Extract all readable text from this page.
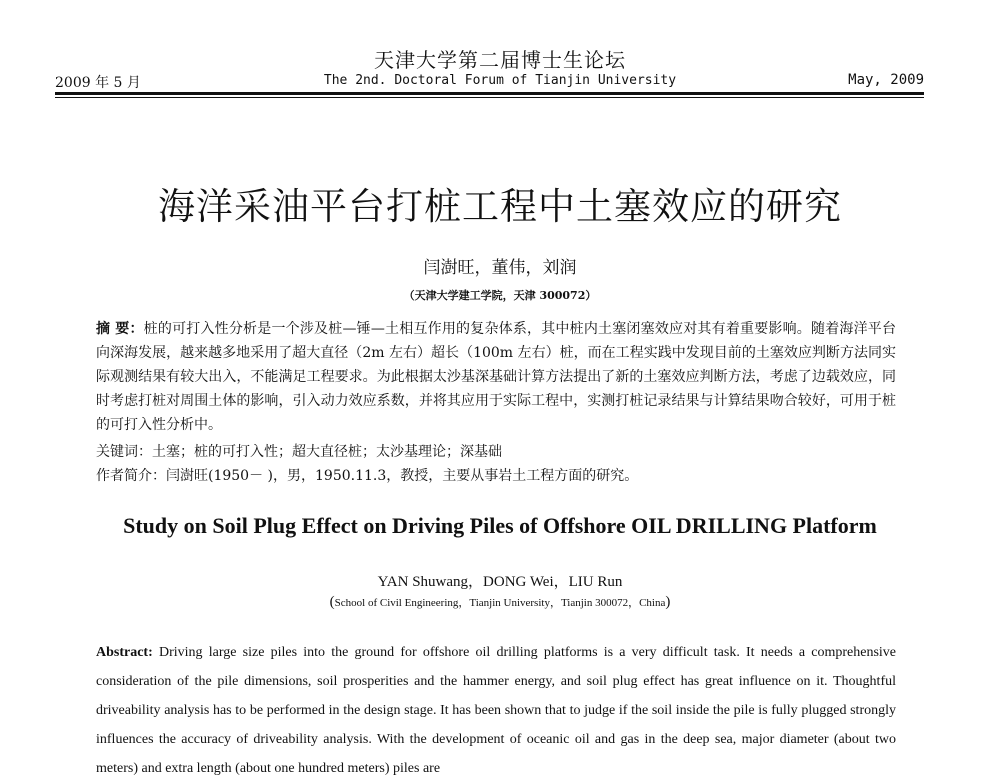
天津大学第二届博士生论坛
2009 年 5 月	The 2nd. Doctoral Forum of Tianjin University	May, 2009
海洋采油平台打桩工程中土塞效应的研究
闫澍旺，董伟，刘润
（天津大学建工学院，天津 300072）
摘 要：桩的可打入性分析是一个涉及桩—锤—土相互作用的复杂体系，其中桩内土塞闭塞效应对其有着重要影响。随着海洋平台向深海发展，越来越多地采用了超大直径（2m 左右）超长（100m 左右）桩，而在工程实践中发现目前的土塞效应判断方法同实际观测结果有较大出入，不能满足工程要求。为此根据太沙基深基础计算方法提出了新的土塞效应判断方法，考虑了边载效应，同时考虑打桩对周围土体的影响，引入动力效应系数，并将其应用于实际工程中，实测打桩记录结果与计算结果吻合较好，可用于桩的可打入性分析中。
关键词：土塞；桩的可打入性；超大直径桩；太沙基理论；深基础
作者简介：闫澍旺(1950－ )，男，1950.11.3，教授，主要从事岩土工程方面的研究。
Study on Soil Plug Effect on Driving Piles of Offshore OIL DRILLING Platform
YAN Shuwang，DONG Wei，LIU Run
(School of Civil Engineering，Tianjin University，Tianjin 300072，China)
Abstract: Driving large size piles into the ground for offshore oil drilling platforms is a very difficult task. It needs a comprehensive consideration of the pile dimensions, soil prosperities and the hammer energy, and soil plug effect has great influence on it. Thoughtful driveability analysis has to be performed in the design stage. It has been shown that to judge if the soil inside the pile is fully plugged strongly influences the accuracy of driveability analysis. With the development of oceanic oil and gas in the deep sea, major diameter (about two meters) and extra length (about one hundred meters) piles are
